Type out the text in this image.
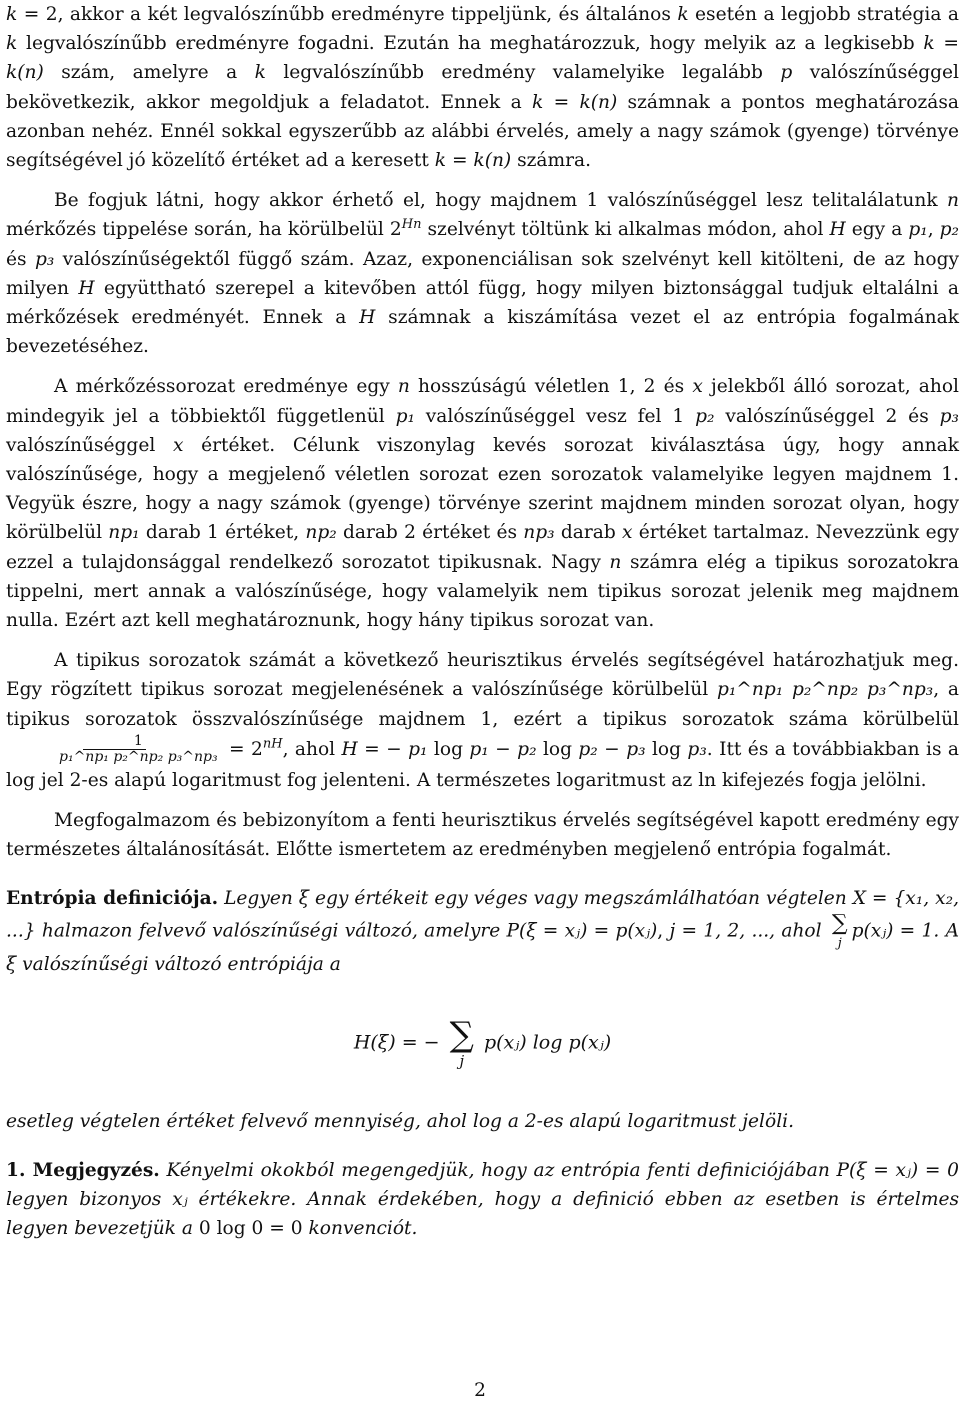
k = 2, akkor a két legvalószínűbb eredményre tippeljünk, és általános k esetén a legjobb stratégia a k legvalószínűbb eredményre fogadni. Ezután ha meghatározzuk, hogy melyik az a legkisebb k = k(n) szám, amelyre a k legvalószínűbb eredmény valamelyike legalább p valószínűséggel bekövetkezik, akkor megoldjuk a feladatot. Ennek a k = k(n) számnak a pontos meghatározása azonban nehéz. Ennél sokkal egyszerűbb az alábbi érvelés, amely a nagy számok (gyenge) törvénye segítségével jó közelítő értéket ad a keresett k = k(n) számra.

Be fogjuk látni, hogy akkor érhető el, hogy majdnem 1 valószínűséggel lesz telitalálatunk n mérkőzés tippelése során, ha körülbelül $2^{Hn}$ szelvényt töltünk ki alkalmas módon, ahol H egy a p₁, p₂ és p₃ valószínűségektől függő szám. Azaz, exponenciálisan sok szelvényt kell kitölteni, de az hogy milyen H együttható szerepel a kitevőben attól függ, hogy milyen biztonsággal tudjuk eltalálni a mérkőzések eredményét. Ennek a H számnak a kiszámítása vezet el az entrópia fogalmának bevezetéséhez.

A mérkőzéssorozat eredménye egy n hosszúságú véletlen 1, 2 és x jelekből álló sorozat, ahol mindegyik jel a többiektől függetlenül p₁ valószínűséggel vesz fel 1 p₂ valószínűséggel 2 és p₃ valószínűséggel x értéket. Célunk viszonylag kevés sorozat kiválasztása úgy, hogy annak valószínűsége, hogy a megjelenő véletlen sorozat ezen sorozatok valamelyike legyen majdnem 1. Vegyük észre, hogy a nagy számok (gyenge) törvénye szerint majdnem minden sorozat olyan, hogy körülbelül np₁ darab 1 értéket, np₂ darab 2 értéket és np₃ darab x értéket tartalmaz. Nevezzünk egy ezzel a tulajdonsággal rendelkező sorozatot tipikusnak. Nagy n számra elég a tipikus sorozatokra tippelni, mert annak a valószínűsége, hogy valamelyik nem tipikus sorozat jelenik meg majdnem nulla. Ezért azt kell meghatároznunk, hogy hány tipikus sorozat van.

A tipikus sorozatok számát a következő heurisztikus érvelés segítségével határozhatjuk meg. Egy rögzített tipikus sorozat megjelenésének a valószínűsége körülbelül p₁^np₁ p₂^np₂ p₃^np₃, a tipikus sorozatok összvalószínűsége majdnem 1, ezért a tipikus sorozatok száma körülbelül
$\frac{1}{\text{p₁\textasciicircum{}np₁ p₂\textasciicircum{}np₂ p₃\textasciicircum{}np₃}} = 2^{nH}$, ahol H = − p₁ log p₁ − p₂ log p₂ − p₃ log p₃. Itt és a továbbiakban is a log jel 2-es alapú logaritmust fog jelenteni. A természetes logaritmust az ln kifejezés fogja jelölni.

Megfogalmazom és bebizonyítom a fenti heurisztikus érvelés segítségével kapott eredmény egy természetes általánosítását. Előtte ismertetem az eredményben megjelenő entrópia fogalmát.

Entrópia definiciója. Legyen ξ egy értékeit egy véges vagy megszámlálhatóan végtelen X = {x₁, x₂, ...} halmazon felvevő valószínűségi változó, amelyre P(ξ = xⱼ) = p(xⱼ), j = 1, 2, ..., ahol ∑
j
p(xⱼ) = 1. A ξ valószínűségi változó entrópiája a

H(ξ) = − ∑
j
p(xⱼ) log p(xⱼ)

esetleg végtelen értéket felvevő mennyiség, ahol log a 2-es alapú logaritmust jelöli.

1. Megjegyzés. Kényelmi okokból megengedjük, hogy az entrópia fenti definiciójában P(ξ = xⱼ) = 0 legyen bizonyos xⱼ értékekre. Annak érdekében, hogy a definició ebben az esetben is értelmes legyen bevezetjük a 0 log 0 = 0 konvenciót.

2
